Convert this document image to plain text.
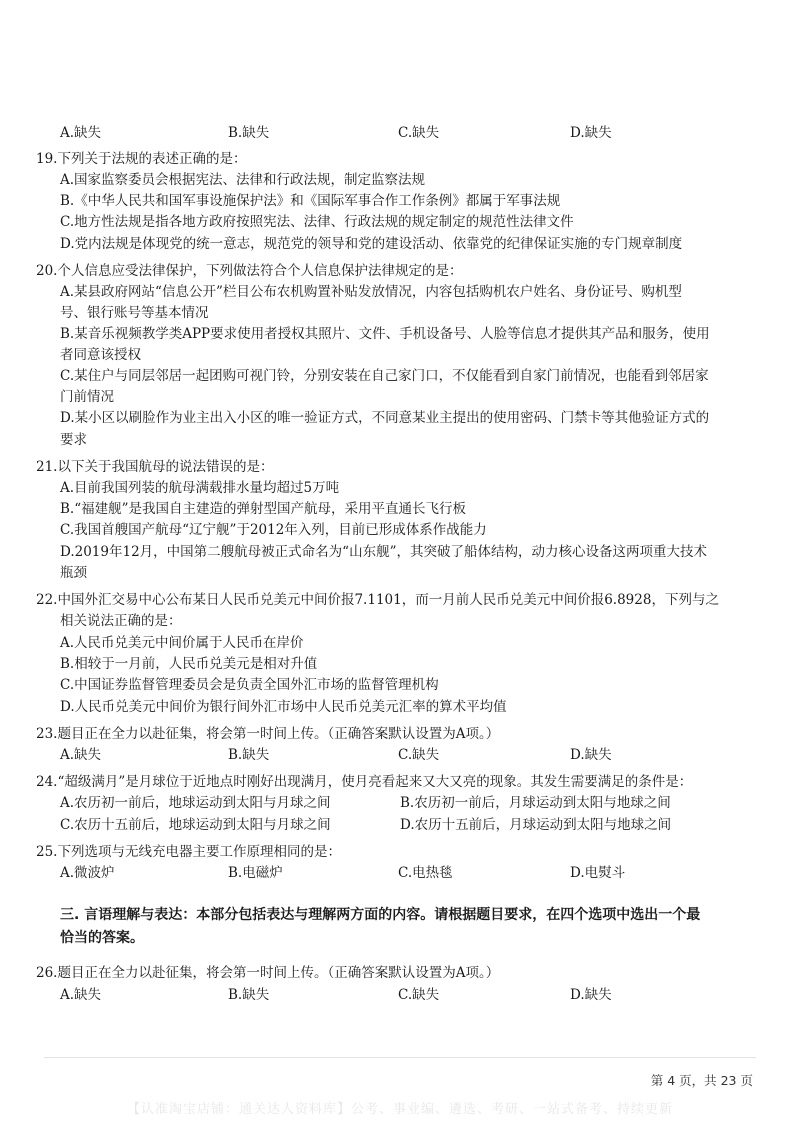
A.缺失	B.缺失	C.缺失	D.缺失
19.下列关于法规的表述正确的是：
A.国家监察委员会根据宪法、法律和行政法规，制定监察法规
B.《中华人民共和国军事设施保护法》和《国际军事合作工作条例》都属于军事法规
C.地方性法规是指各地方政府按照宪法、法律、行政法规的规定制定的规范性法律文件
D.党内法规是体现党的统一意志，规范党的领导和党的建设活动、依靠党的纪律保证实施的专门规章制度
20.个人信息应受法律保护，下列做法符合个人信息保护法律规定的是：
A.某县政府网站“信息公开”栏目公布农机购置补贴发放情况，内容包括购机农户姓名、身份证号、购机型
号、银行账号等基本情况
B.某音乐视频教学类APP要求使用者授权其照片、文件、手机设备号、人脸等信息才提供其产品和服务，使用
者同意该授权
C.某住户与同层邻居一起团购可视门铃，分别安装在自己家门口，不仅能看到自家门前情况，也能看到邻居家
门前情况
D.某小区以刷脸作为业主出入小区的唯一验证方式，不同意某业主提出的使用密码、门禁卡等其他验证方式的
要求
21.以下关于我国航母的说法错误的是：
A.目前我国列装的航母满载排水量均超过5万吨
B.“福建舰”是我国自主建造的弹射型国产航母，采用平直通长飞行板
C.我国首艘国产航母“辽宁舰”于2012年入列，目前已形成体系作战能力
D.2019年12月，中国第二艘航母被正式命名为“山东舰”，其突破了船体结构，动力核心设备这两项重大技术
瓶颈
22.中国外汇交易中心公布某日人民币兑美元中间价报7.1101，而一月前人民币兑美元中间价报6.8928，下列与之
相关说法正确的是：
A.人民币兑美元中间价属于人民币在岸价
B.相较于一月前，人民币兑美元是相对升值
C.中国证券监督管理委员会是负责全国外汇市场的监督管理机构
D.人民币兑美元中间价为银行间外汇市场中人民币兑美元汇率的算术平均值
23.题目正在全力以赴征集，将会第一时间上传。（正确答案默认设置为A项。）
A.缺失	B.缺失	C.缺失	D.缺失
24.“超级满月”是月球位于近地点时刚好出现满月，使月亮看起来又大又亮的现象。其发生需要满足的条件是：
A.农历初一前后，地球运动到太阳与月球之间	B.农历初一前后，月球运动到太阳与地球之间
C.农历十五前后，地球运动到太阳与月球之间	D.农历十五前后，月球运动到太阳与地球之间
25.下列选项与无线充电器主要工作原理相同的是：
A.微波炉	B.电磁炉	C.电热毯	D.电熨斗
三. 言语理解与表达：本部分包括表达与理解两方面的内容。请根据题目要求，在四个选项中选出一个最
恰当的答案。
26.题目正在全力以赴征集，将会第一时间上传。（正确答案默认设置为A项。）
A.缺失	B.缺失	C.缺失	D.缺失
第 4 页，共 23 页
【认准淘宝店铺：通关达人资料库】公考、事业编、遴选、考研、一站式备考、持续更新
